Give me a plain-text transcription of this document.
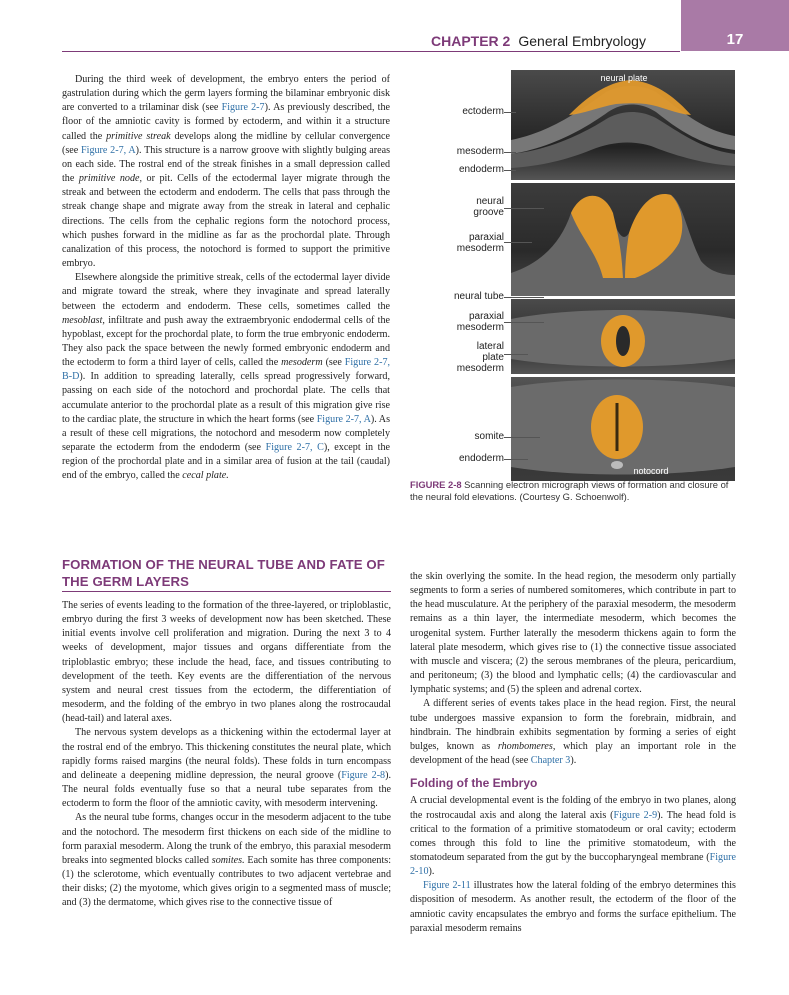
CHAPTER 2 General Embryology	17

During the third week of development, the embryo enters the period of gastrulation during which the germ layers forming the bilaminar embryonic disk are converted to a trilaminar disk (see Figure 2-7). As previously described, the floor of the amniotic cavity is formed by ectoderm, and within it a structure called the primitive streak develops along the midline by cellular convergence (see Figure 2-7, A). This structure is a narrow groove with slightly bulging areas on each side. The rostral end of the streak finishes in a small depression called the primitive node, or pit. Cells of the ectodermal layer migrate through the streak and between the ectoderm and endoderm. The cells that pass through the streak change shape and migrate away from the streak in lateral and cephalic directions. The cells from the cephalic regions form the notochord process, which pushes forward in the midline as far as the prochordal plate. Through canalization of this process, the notochord is formed to support the primitive embryo.

Elsewhere alongside the primitive streak, cells of the ectodermal layer divide and migrate toward the streak, where they invaginate and spread laterally between the ectoderm and endoderm. These cells, sometimes called the mesoblast, infiltrate and push away the extraembryonic endodermal cells of the hypoblast, except for the prochordal plate, to form the true embryonic endoderm. They also pack the space between the newly formed embryonic endoderm and the ectoderm to form a third layer of cells, called the mesoderm (see Figure 2-7, B-D). In addition to spreading laterally, cells spread progressively forward, passing on each side of the notochord and prochordal plate. The cells that accumulate anterior to the prochordal plate as a result of this migration give rise to the cardiac plate, the structure in which the heart forms (see Figure 2-7, A). As a result of these cell migrations, the notochord and mesoderm now completely separate the ectoderm from the endoderm (see Figure 2-7, C), except in the region of the prochordal plate and in a similar area of fusion at the tail (caudal) end of the embryo, called the cecal plate.

neural plate
notocord
ectoderm
mesoderm
endoderm
neural
groove
paraxial
mesoderm
neural tube
paraxial
mesoderm
lateral
plate
mesoderm
somite
endoderm
FIGURE 2-8 Scanning electron micrograph views of formation and closure of the neural fold elevations. (Courtesy G. Schoenwolf).
FORMATION OF THE NEURAL TUBE AND FATE OF THE GERM LAYERS

The series of events leading to the formation of the three-layered, or triploblastic, embryo during the first 3 weeks of development now has been sketched. These initial events involve cell proliferation and migration. During the next 3 to 4 weeks of development, major tissues and organs differentiate from the triploblastic embryo; these include the head, face, and tissues contributing to development of the teeth. Key events are the differentiation of the nervous system and neural crest tissues from the ectoderm, the differentiation of mesoderm, and the folding of the embryo in two planes along the rostrocaudal (head-tail) and lateral axes.

The nervous system develops as a thickening within the ectodermal layer at the rostral end of the embryo. This thickening constitutes the neural plate, which rapidly forms raised margins (the neural folds). These folds in turn encompass and delineate a deepening midline depression, the neural groove (Figure 2-8). The neural folds eventually fuse so that a neural tube separates from the ectoderm to form the floor of the amniotic cavity, with mesoderm intervening.

As the neural tube forms, changes occur in the mesoderm adjacent to the tube and the notochord. The mesoderm first thickens on each side of the midline to form paraxial mesoderm. Along the trunk of the embryo, this paraxial mesoderm breaks into segmented blocks called somites. Each somite has three components: (1) the sclerotome, which eventually contributes to two adjacent vertebrae and their disks; (2) the myotome, which gives origin to a segmented mass of muscle; and (3) the dermatome, which gives rise to the connective tissue of

the skin overlying the somite. In the head region, the mesoderm only partially segments to form a series of numbered somitomeres, which contribute in part to the head musculature. At the periphery of the paraxial mesoderm, the mesoderm remains as a thin layer, the intermediate mesoderm, which becomes the urogenital system. Further laterally the mesoderm thickens again to form the lateral plate mesoderm, which gives rise to (1) the connective tissue associated with muscle and viscera; (2) the serous membranes of the pleura, pericardium, and peritoneum; (3) the blood and lymphatic cells; (4) the cardiovascular and lymphatic systems; and (5) the spleen and adrenal cortex.

A different series of events takes place in the head region. First, the neural tube undergoes massive expansion to form the forebrain, midbrain, and hindbrain. The hindbrain exhibits segmentation by forming a series of eight bulges, known as rhombomeres, which play an important role in the development of the head (see Chapter 3).

Folding of the Embryo

A crucial developmental event is the folding of the embryo in two planes, along the rostrocaudal axis and along the lateral axis (Figure 2-9). The head fold is critical to the formation of a primitive stomatodeum or oral cavity; ectoderm comes through this fold to line the primitive stomatodeum, with the stomatodeum separated from the gut by the buccopharyngeal membrane (Figure 2-10).

Figure 2-11 illustrates how the lateral folding of the embryo determines this disposition of mesoderm. As another result, the ectoderm of the floor of the amniotic cavity encapsulates the embryo and forms the surface epithelium. The paraxial mesoderm remains
